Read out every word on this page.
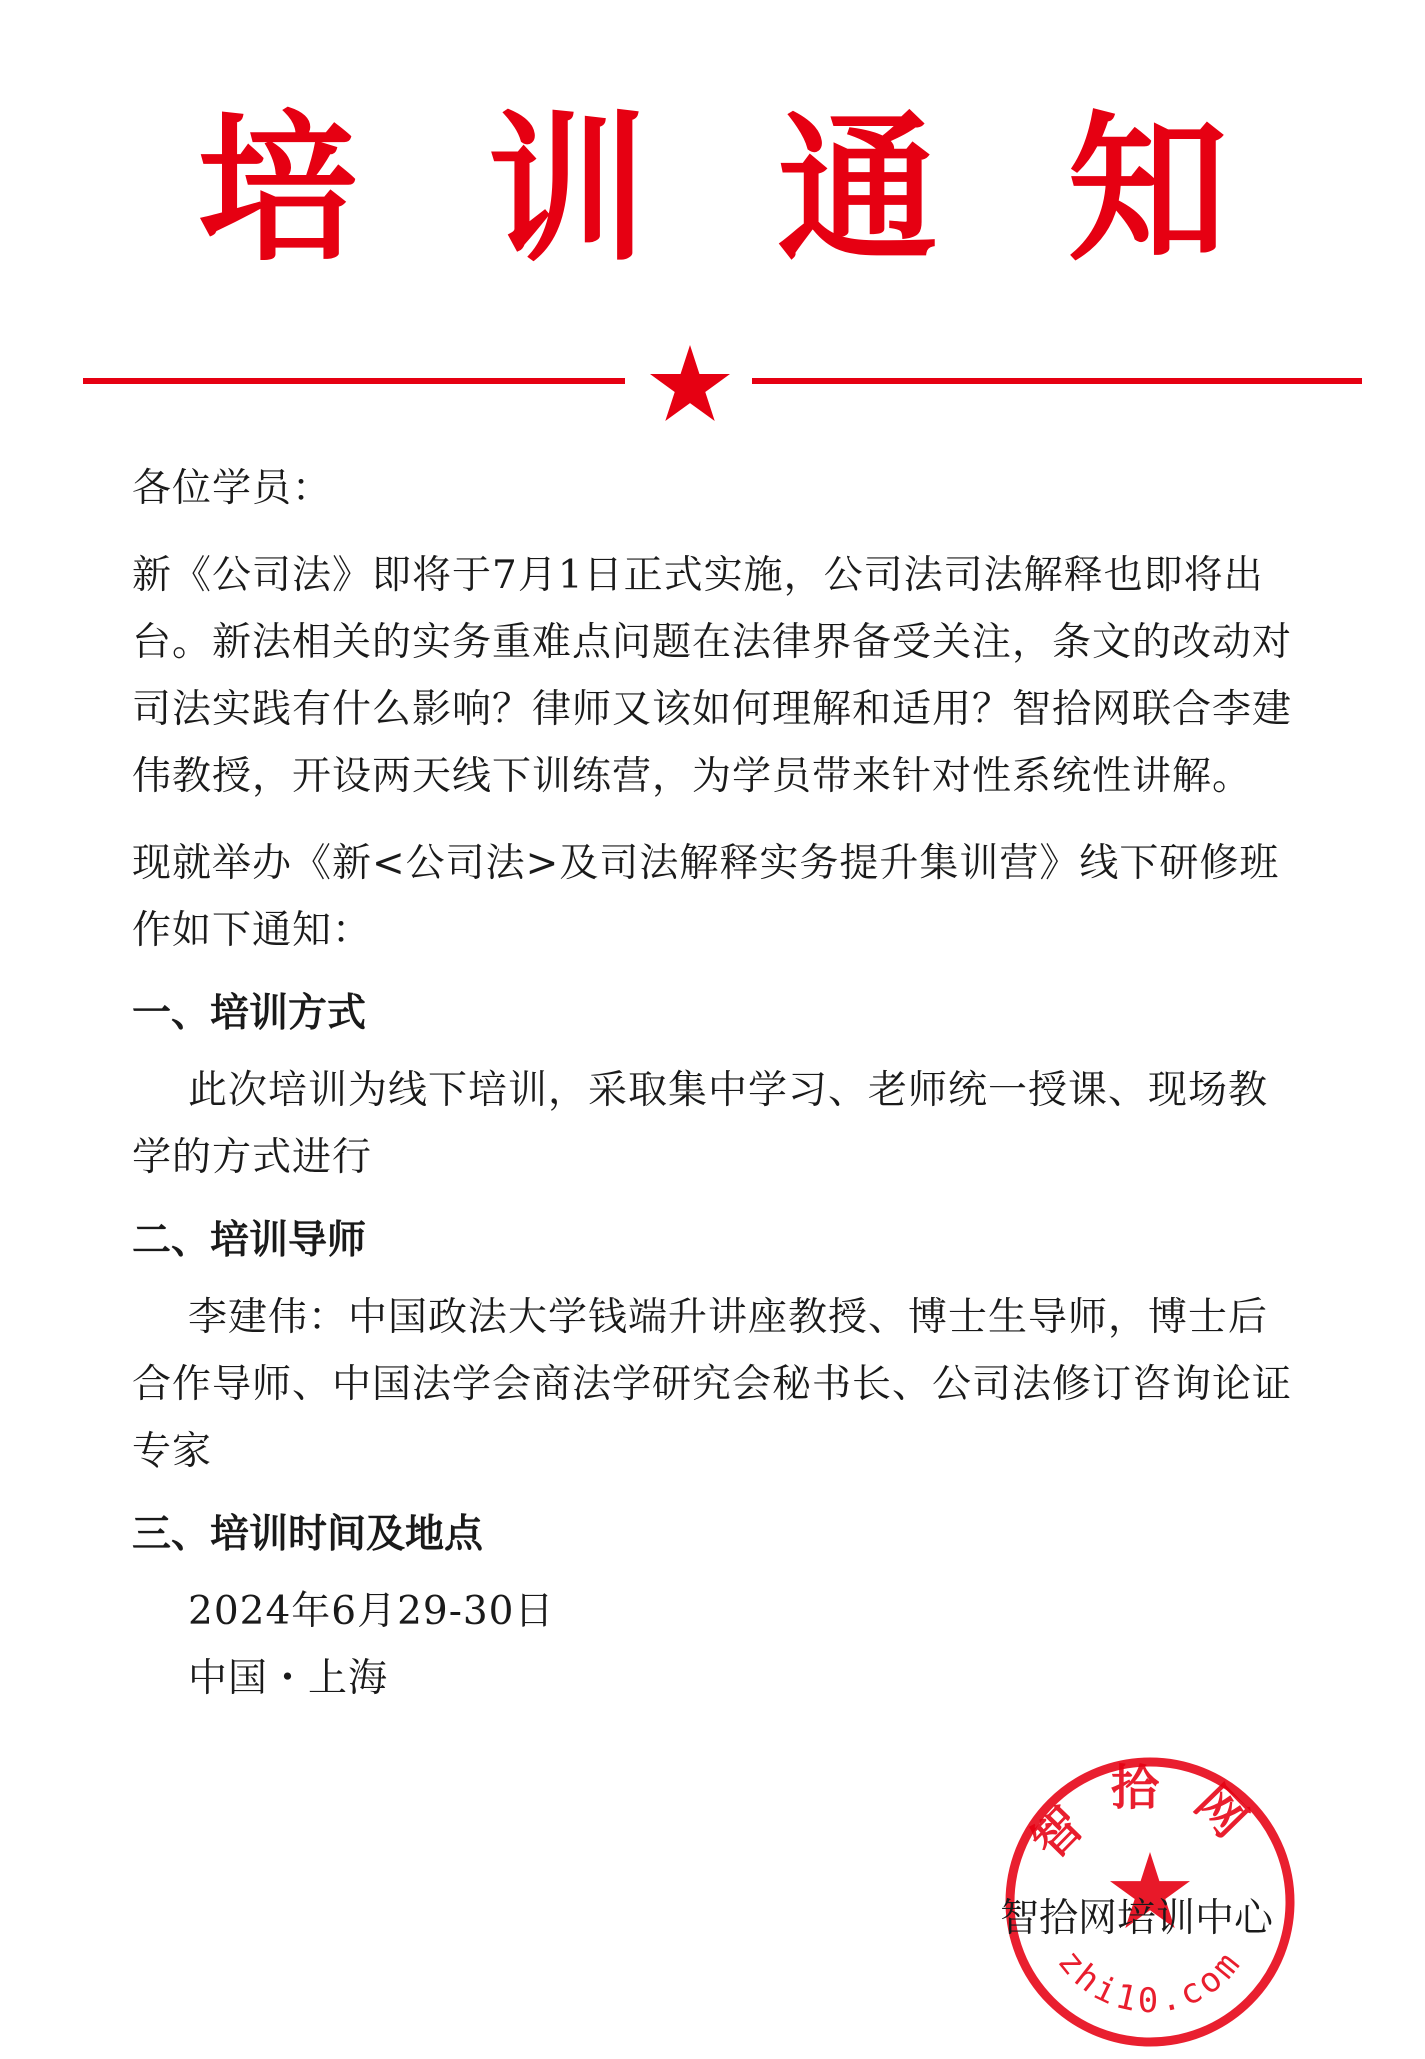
培 训 通 知

各位学员：

新《公司法》即将于7月1日正式实施，公司法司法解释也即将出台。新法相关的实务重难点问题在法律界备受关注，条文的改动对司法实践有什么影响？律师又该如何理解和适用？智拾网联合李建伟教授，开设两天线下训练营，为学员带来针对性系统性讲解。

现就举办《新<公司法>及司法解释实务提升集训营》线下研修班作如下通知：

一、培训方式

此次培训为线下培训，采取集中学习、老师统一授课、现场教学的方式进行

二、培训导师

李建伟：中国政法大学钱端升讲座教授、博士生导师，博士后合作导师、中国法学会商法学研究会秘书长、公司法修订咨询论证专家

三、培训时间及地点

2024年6月29-30日

中国・上海

智拾网
zhi10.com
智拾网培训中心
